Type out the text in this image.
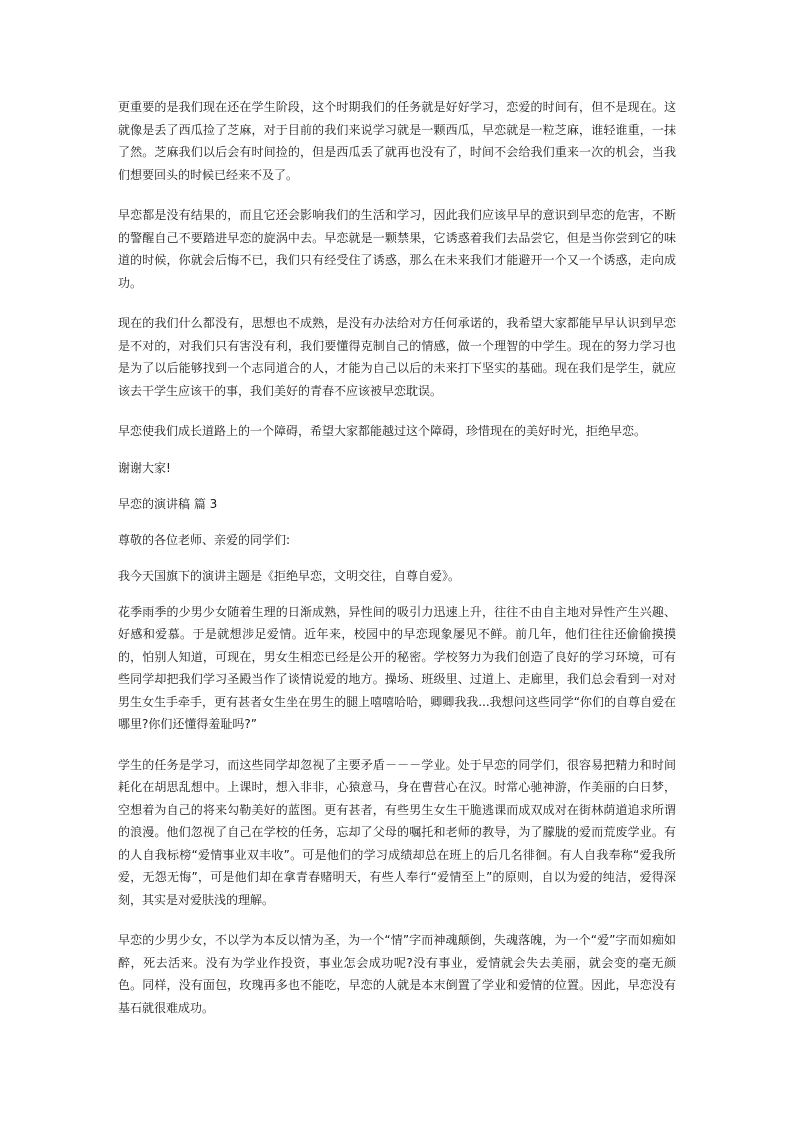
更重要的是我们现在还在学生阶段，这个时期我们的任务就是好好学习，恋爱的时间有，但不是现在。这就像是丢了西瓜捡了芝麻，对于目前的我们来说学习就是一颗西瓜，早恋就是一粒芝麻，谁轻谁重，一抹了然。芝麻我们以后会有时间捡的，但是西瓜丢了就再也没有了，时间不会给我们重来一次的机会，当我们想要回头的时候已经来不及了。

早恋都是没有结果的，而且它还会影响我们的生活和学习，因此我们应该早早的意识到早恋的危害，不断的警醒自己不要踏进早恋的旋涡中去。早恋就是一颗禁果，它诱惑着我们去品尝它，但是当你尝到它的味道的时候，你就会后悔不已，我们只有经受住了诱惑，那么在未来我们才能避开一个又一个诱惑，走向成功。

现在的我们什么都没有，思想也不成熟，是没有办法给对方任何承诺的，我希望大家都能早早认识到早恋是不对的，对我们只有害没有利，我们要懂得克制自己的情感，做一个理智的中学生。现在的努力学习也是为了以后能够找到一个志同道合的人，才能为自己以后的未来打下坚实的基础。现在我们是学生，就应该去干学生应该干的事，我们美好的青春不应该被早恋耽误。

早恋使我们成长道路上的一个障碍，希望大家都能越过这个障碍，珍惜现在的美好时光，拒绝早恋。

谢谢大家!

早恋的演讲稿 篇 3

尊敬的各位老师、亲爱的同学们:

我今天国旗下的演讲主题是《拒绝早恋，文明交往，自尊自爱》。

花季雨季的少男少女随着生理的日渐成熟，异性间的吸引力迅速上升，往往不由自主地对异性产生兴趣、好感和爱慕。于是就想涉足爱情。近年来，校园中的早恋现象屡见不鲜。前几年，他们往往还偷偷摸摸的，怕别人知道，可现在，男女生相恋已经是公开的秘密。学校努力为我们创造了良好的学习环境，可有些同学却把我们学习圣殿当作了谈情说爱的地方。操场、班级里、过道上、走廊里，我们总会看到一对对男生女生手牵手，更有甚者女生坐在男生的腿上嘻嘻哈哈，卿卿我我...我想问这些同学“你们的自尊自爱在哪里?你们还懂得羞耻吗?”

学生的任务是学习，而这些同学却忽视了主要矛盾－－－学业。处于早恋的同学们，很容易把精力和时间耗化在胡思乱想中。上课时，想入非非，心猿意马，身在曹营心在汉。时常心驰神游，作美丽的白日梦，空想着为自己的将来勾勒美好的蓝图。更有甚者，有些男生女生干脆逃课而成双成对在街林荫道追求所谓的浪漫。他们忽视了自己在学校的任务，忘却了父母的嘱托和老师的教导，为了朦胧的爱而荒废学业。有的人自我标榜“爱情事业双丰收”。可是他们的学习成绩却总在班上的后几名徘徊。有人自我奉称“爱我所爱，无怨无悔”，可是他们却在拿青春赌明天，有些人奉行“爱情至上”的原则，自以为爱的纯洁，爱得深刻，其实是对爱肤浅的理解。

早恋的少男少女，不以学为本反以情为圣，为一个“情”字而神魂颠倒，失魂落魄，为一个“爱”字而如痴如醉，死去活来。没有为学业作投资，事业怎会成功呢?没有事业，爱情就会失去美丽，就会变的毫无颜色。同样，没有面包，玫瑰再多也不能吃，早恋的人就是本末倒置了学业和爱情的位置。因此，早恋没有基石就很难成功。
